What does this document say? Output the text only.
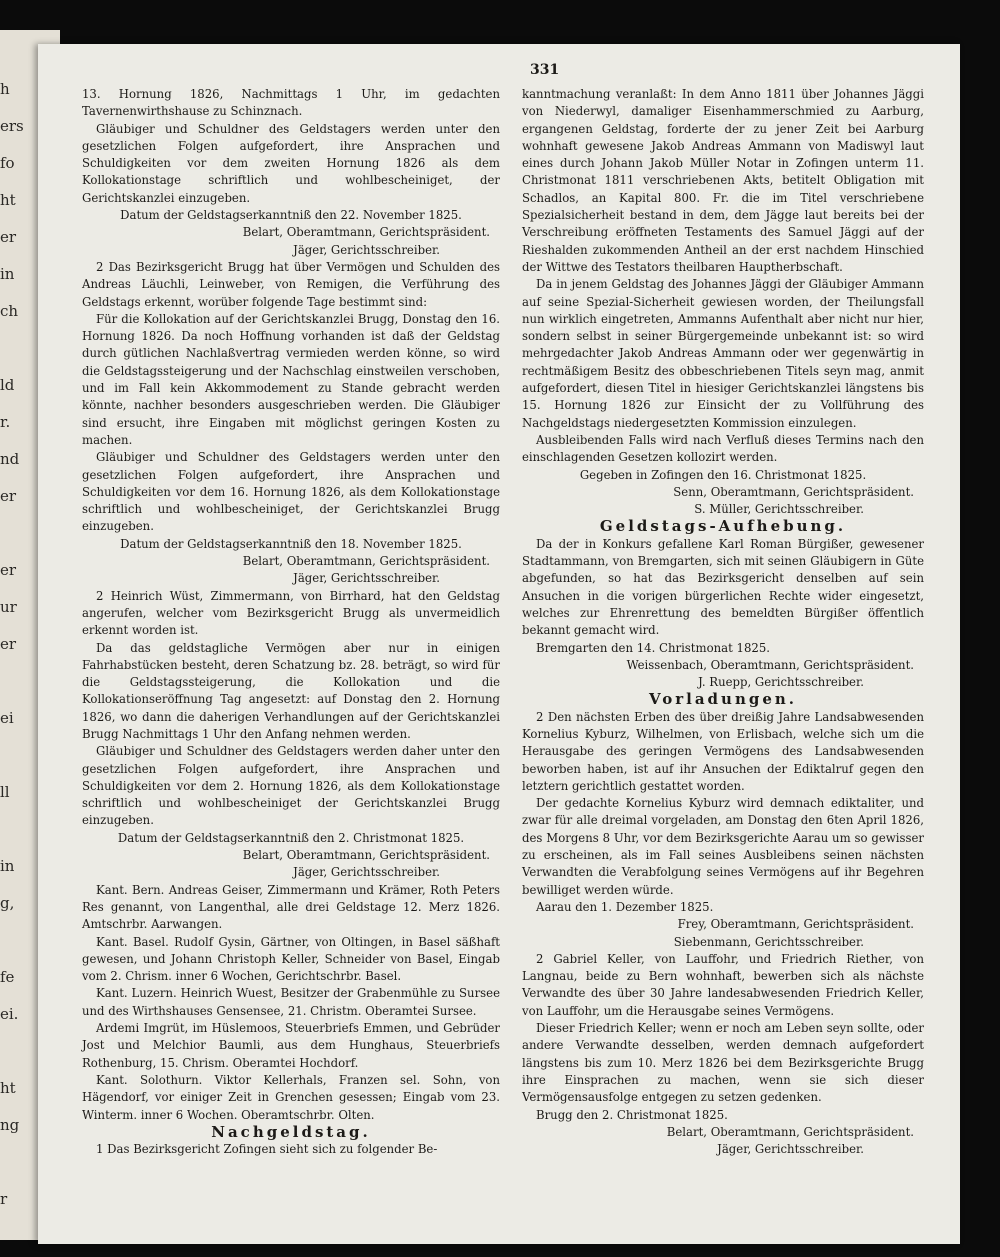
h
ers
fo
ht
er
in
ch
ld
r.
nd
er
er
ur
er
ei
ll
in
g,
fe
ei.
ht
ng
r
331

13. Hornung 1826, Nachmittags 1 Uhr, im gedachten Tavernenwirthshause zu Schinznach.

Gläubiger und Schuldner des Geldstagers werden unter den gesetzlichen Folgen aufgefordert, ihre Ansprachen und Schuldigkeiten vor dem zweiten Hornung 1826 als dem Kollokationstage schriftlich und wohlbescheiniget, der Gerichtskanzlei einzugeben.

Datum der Geldstagserkanntniß den 22. November 1825.

Belart, Oberamtmann, Gerichtspräsident.

Jäger, Gerichtsschreiber.

2 Das Bezirksgericht Brugg hat über Vermögen und Schulden des Andreas Läuchli, Leinweber, von Remigen, die Verführung des Geldstags erkennt, worüber folgende Tage bestimmt sind:

Für die Kollokation auf der Gerichtskanzlei Brugg, Donstag den 16. Hornung 1826. Da noch Hoffnung vorhanden ist daß der Geldstag durch gütlichen Nachlaßvertrag vermieden werden könne, so wird die Geldstagssteigerung und der Nachschlag einstweilen verschoben, und im Fall kein Akkommodement zu Stande gebracht werden könnte, nachher besonders ausgeschrieben werden. Die Gläubiger sind ersucht, ihre Eingaben mit möglichst geringen Kosten zu machen.

Gläubiger und Schuldner des Geldstagers werden unter den gesetzlichen Folgen aufgefordert, ihre Ansprachen und Schuldigkeiten vor dem 16. Hornung 1826, als dem Kollokationstage schriftlich und wohlbescheiniget, der Gerichtskanzlei Brugg einzugeben.

Datum der Geldstagserkanntniß den 18. November 1825.

Belart, Oberamtmann, Gerichtspräsident.

Jäger, Gerichtsschreiber.

2 Heinrich Wüst, Zimmermann, von Birrhard, hat den Geldstag angerufen, welcher vom Bezirksgericht Brugg als unvermeidlich erkennt worden ist.

Da das geldstagliche Vermögen aber nur in einigen Fahrhabstücken besteht, deren Schatzung bz. 28. beträgt, so wird für die Geldstagssteigerung, die Kollokation und die Kollokationseröffnung Tag angesetzt: auf Donstag den 2. Hornung 1826, wo dann die daherigen Verhandlungen auf der Gerichtskanzlei Brugg Nachmittags 1 Uhr den Anfang nehmen werden.

Gläubiger und Schuldner des Geldstagers werden daher unter den gesetzlichen Folgen aufgefordert, ihre Ansprachen und Schuldigkeiten vor dem 2. Hornung 1826, als dem Kollokationstage schriftlich und wohlbescheiniget der Gerichtskanzlei Brugg einzugeben.

Datum der Geldstagserkanntniß den 2. Christmonat 1825.

Belart, Oberamtmann, Gerichtspräsident.

Jäger, Gerichtsschreiber.

Kant. Bern. Andreas Geiser, Zimmermann und Krämer, Roth Peters Res genannt, von Langenthal, alle drei Geldstage 12. Merz 1826. Amtschrbr. Aarwangen.

Kant. Basel. Rudolf Gysin, Gärtner, von Oltingen, in Basel säßhaft gewesen, und Johann Christoph Keller, Schneider von Basel, Eingab vom 2. Chrism. inner 6 Wochen, Gerichtschrbr. Basel.

Kant. Luzern. Heinrich Wuest, Besitzer der Grabenmühle zu Sursee und des Wirthshauses Gensensee, 21. Christm. Oberamtei Sursee.

Ardemi Imgrüt, im Hüslemoos, Steuerbriefs Emmen, und Gebrüder Jost und Melchior Baumli, aus dem Hunghaus, Steuerbriefs Rothenburg, 15. Chrism. Oberamtei Hochdorf.

Kant. Solothurn. Viktor Kellerhals, Franzen sel. Sohn, von Hägendorf, vor einiger Zeit in Grenchen gesessen; Eingab vom 23. Winterm. inner 6 Wochen. Oberamtschrbr. Olten.

Nachgeldstag.

1 Das Bezirksgericht Zofingen sieht sich zu folgender Be-

kanntmachung veranlaßt: In dem Anno 1811 über Johannes Jäggi von Niederwyl, damaliger Eisenhammerschmied zu Aarburg, ergangenen Geldstag, forderte der zu jener Zeit bei Aarburg wohnhaft gewesene Jakob Andreas Ammann von Madiswyl laut eines durch Johann Jakob Müller Notar in Zofingen unterm 11. Christmonat 1811 verschriebenen Akts, betitelt Obligation mit Schadlos, an Kapital 800. Fr. die im Titel verschriebene Spezialsicherheit bestand in dem, dem Jägge laut bereits bei der Verschreibung eröffneten Testaments des Samuel Jäggi auf der Rieshalden zukommenden Antheil an der erst nachdem Hinschied der Wittwe des Testators theilbaren Hauptherbschaft.

Da in jenem Geldstag des Johannes Jäggi der Gläubiger Ammann auf seine Spezial-Sicherheit gewiesen worden, der Theilungsfall nun wirklich eingetreten, Ammanns Aufenthalt aber nicht nur hier, sondern selbst in seiner Bürgergemeinde unbekannt ist: so wird mehrgedachter Jakob Andreas Ammann oder wer gegenwärtig in rechtmäßigem Besitz des obbeschriebenen Titels seyn mag, anmit aufgefordert, diesen Titel in hiesiger Gerichtskanzlei längstens bis 15. Hornung 1826 zur Einsicht der zu Vollführung des Nachgeldstags niedergesetzten Kommission einzulegen.

Ausbleibenden Falls wird nach Verfluß dieses Termins nach den einschlagenden Gesetzen kollozirt werden.

Gegeben in Zofingen den 16. Christmonat 1825.

Senn, Oberamtmann, Gerichtspräsident.

S. Müller, Gerichtsschreiber.

Geldstags-Aufhebung.

Da der in Konkurs gefallene Karl Roman Bürgißer, gewesener Stadtammann, von Bremgarten, sich mit seinen Gläubigern in Güte abgefunden, so hat das Bezirksgericht denselben auf sein Ansuchen in die vorigen bürgerlichen Rechte wider eingesetzt, welches zur Ehrenrettung des bemeldten Bürgißer öffentlich bekannt gemacht wird.

Bremgarten den 14. Christmonat 1825.

Weissenbach, Oberamtmann, Gerichtspräsident.

J. Ruepp, Gerichtsschreiber.

Vorladungen.

2 Den nächsten Erben des über dreißig Jahre Landsabwesenden Kornelius Kyburz, Wilhelmen, von Erlisbach, welche sich um die Herausgabe des geringen Vermögens des Landsabwesenden beworben haben, ist auf ihr Ansuchen der Ediktalruf gegen den letztern gerichtlich gestattet worden.

Der gedachte Kornelius Kyburz wird demnach ediktaliter, und zwar für alle dreimal vorgeladen, am Donstag den 6ten April 1826, des Morgens 8 Uhr, vor dem Bezirksgerichte Aarau um so gewisser zu erscheinen, als im Fall seines Ausbleibens seinen nächsten Verwandten die Verabfolgung seines Vermögens auf ihr Begehren bewilliget werden würde.

Aarau den 1. Dezember 1825.

Frey, Oberamtmann, Gerichtspräsident.

Siebenmann, Gerichtsschreiber.

2 Gabriel Keller, von Lauffohr, und Friedrich Riether, von Langnau, beide zu Bern wohnhaft, bewerben sich als nächste Verwandte des über 30 Jahre landesabwesenden Friedrich Keller, von Lauffohr, um die Herausgabe seines Vermögens.

Dieser Friedrich Keller; wenn er noch am Leben seyn sollte, oder andere Verwandte desselben, werden demnach aufgefordert längstens bis zum 10. Merz 1826 bei dem Bezirksgerichte Brugg ihre Einsprachen zu machen, wenn sie sich dieser Vermögensausfolge entgegen zu setzen gedenken.

Brugg den 2. Christmonat 1825.

Belart, Oberamtmann, Gerichtspräsident.

Jäger, Gerichtsschreiber.
